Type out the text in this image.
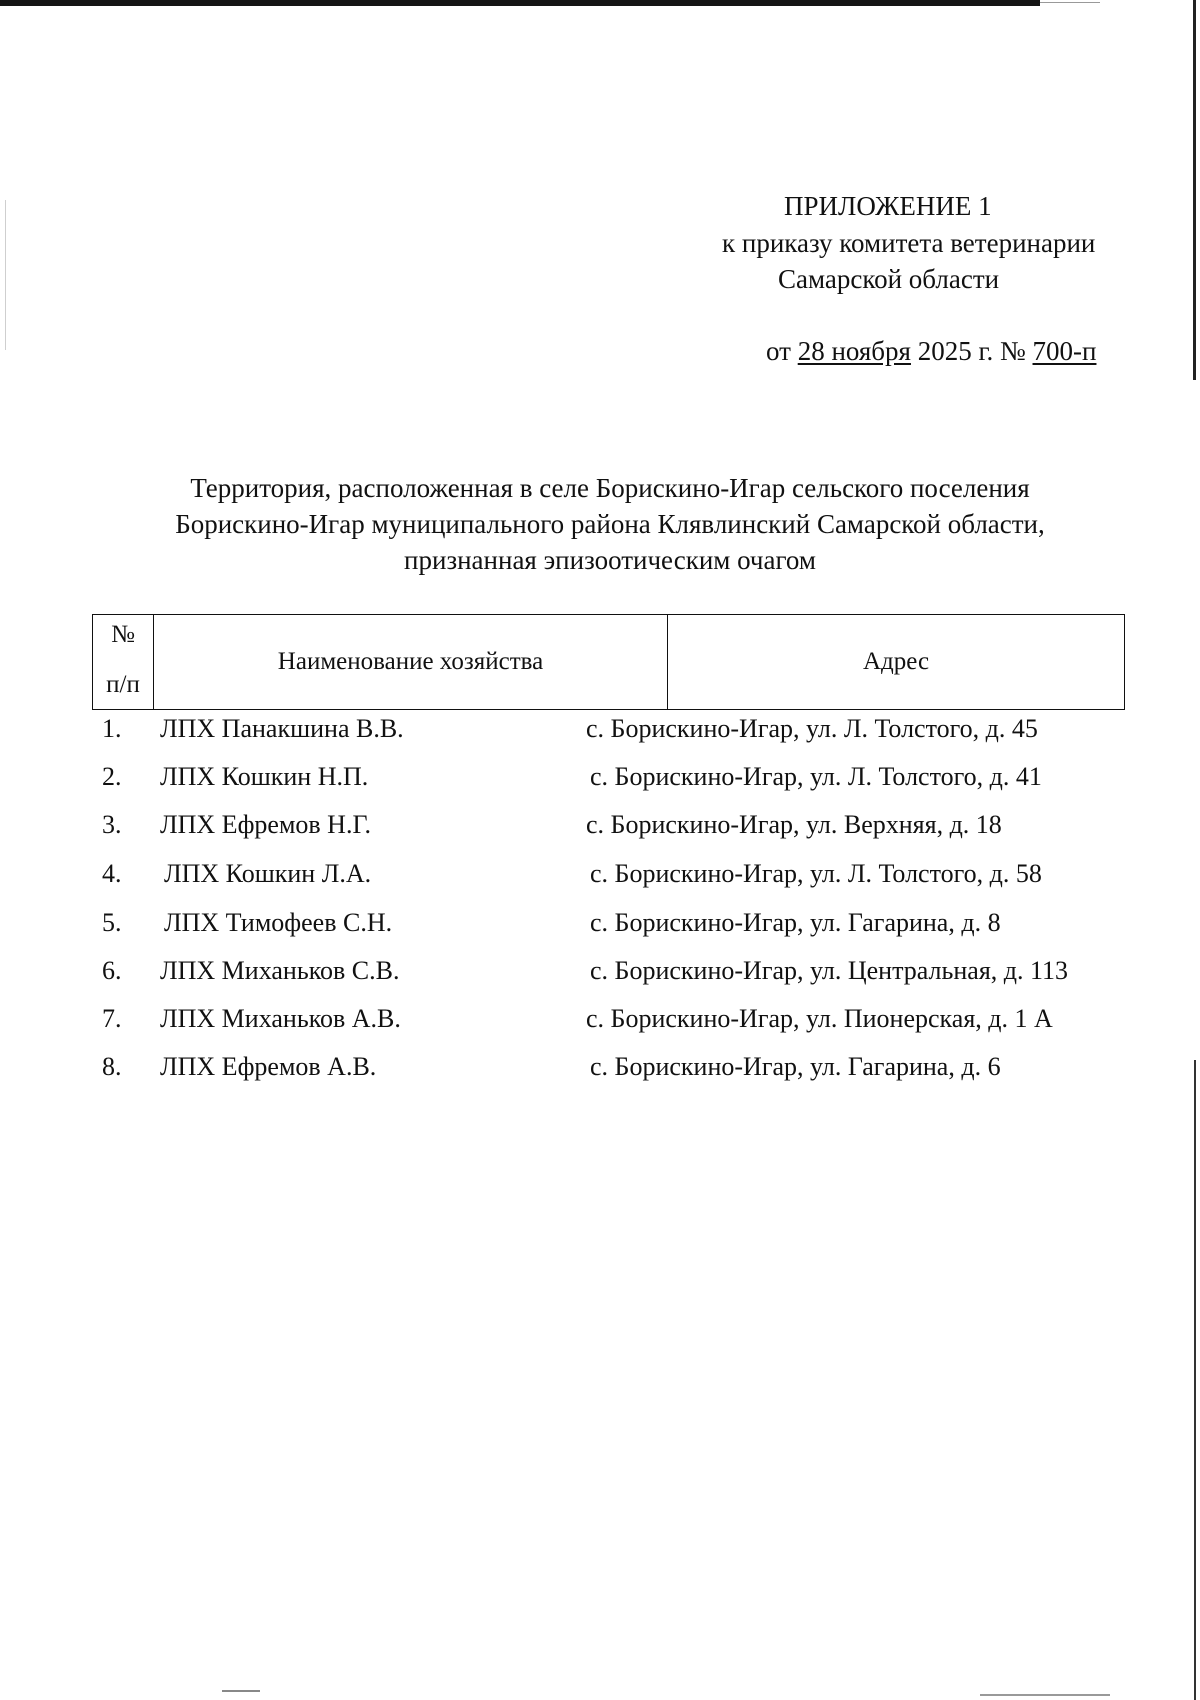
ПРИЛОЖЕНИЕ 1
к приказу комитета ветеринарии
Самарской области
от 28 ноября 2025 г. № 700-п
Территория, расположенная в селе Борискино-Игар сельского поселения
Борискино-Игар муниципального района Клявлинский Самарской области,
признанная эпизоотическим очагом
№
п/п
Наименование хозяйства	Адрес
1. ЛПХ Панакшина В.В.	с. Борискино-Игар, ул. Л. Толстого, д. 45
2. ЛПХ Кошкин Н.П.	с. Борискино-Игар, ул. Л. Толстого, д. 41
3. ЛПХ Ефремов Н.Г.	с. Борискино-Игар, ул. Верхняя, д. 18
4. ЛПХ Кошкин Л.А.	с. Борискино-Игар, ул. Л. Толстого, д. 58
5. ЛПХ Тимофеев С.Н.	с. Борискино-Игар, ул. Гагарина, д. 8
6. ЛПХ Миханьков С.В.	с. Борискино-Игар, ул. Центральная, д. 113
7. ЛПХ Миханьков А.В.	с. Борискино-Игар, ул. Пионерская, д. 1 А
8. ЛПХ Ефремов А.В.	с. Борискино-Игар, ул. Гагарина, д. 6
